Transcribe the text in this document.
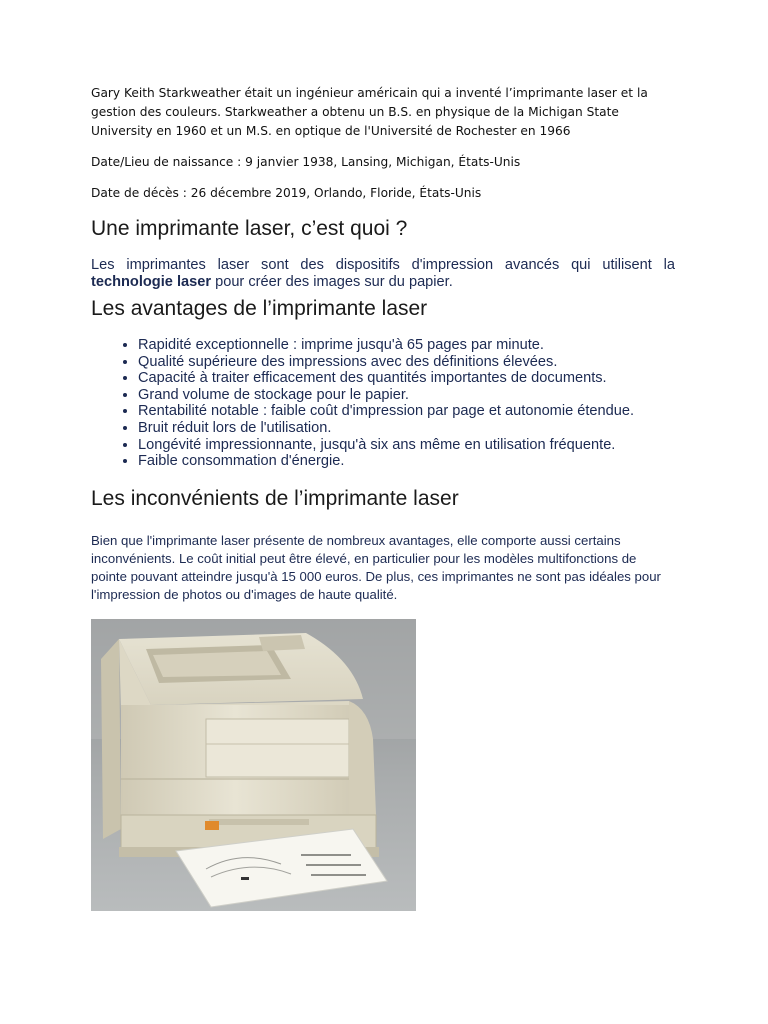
Gary Keith Starkweather était un ingénieur américain qui a inventé l’imprimante laser et la gestion des couleurs. Starkweather a obtenu un B.S. en physique de la Michigan State University en 1960 et un M.S. en optique de l'Université de Rochester en 1966

Date/Lieu de naissance : 9 janvier 1938, Lansing, Michigan, États-Unis

Date de décès : 26 décembre 2019, Orlando, Floride, États-Unis

Une imprimante laser, c’est quoi ?

Les imprimantes laser sont des dispositifs d'impression avancés qui utilisent la technologie laser pour créer des images sur du papier.

Les avantages de l’imprimante laser
• Rapidité exceptionnelle : imprime jusqu'à 65 pages par minute.
• Qualité supérieure des impressions avec des définitions élevées.
• Capacité à traiter efficacement des quantités importantes de documents.
• Grand volume de stockage pour le papier.
• Rentabilité notable : faible coût d'impression par page et autonomie étendue.
• Bruit réduit lors de l'utilisation.
• Longévité impressionnante, jusqu'à six ans même en utilisation fréquente.
• Faible consommation d'énergie.
Les inconvénients de l’imprimante laser

Bien que l'imprimante laser présente de nombreux avantages, elle comporte aussi certains inconvénients. Le coût initial peut être élevé, en particulier pour les modèles multifonctions de pointe pouvant atteindre jusqu'à 15 000 euros. De plus, ces imprimantes ne sont pas idéales pour l'impression de photos ou d'images de haute qualité.
